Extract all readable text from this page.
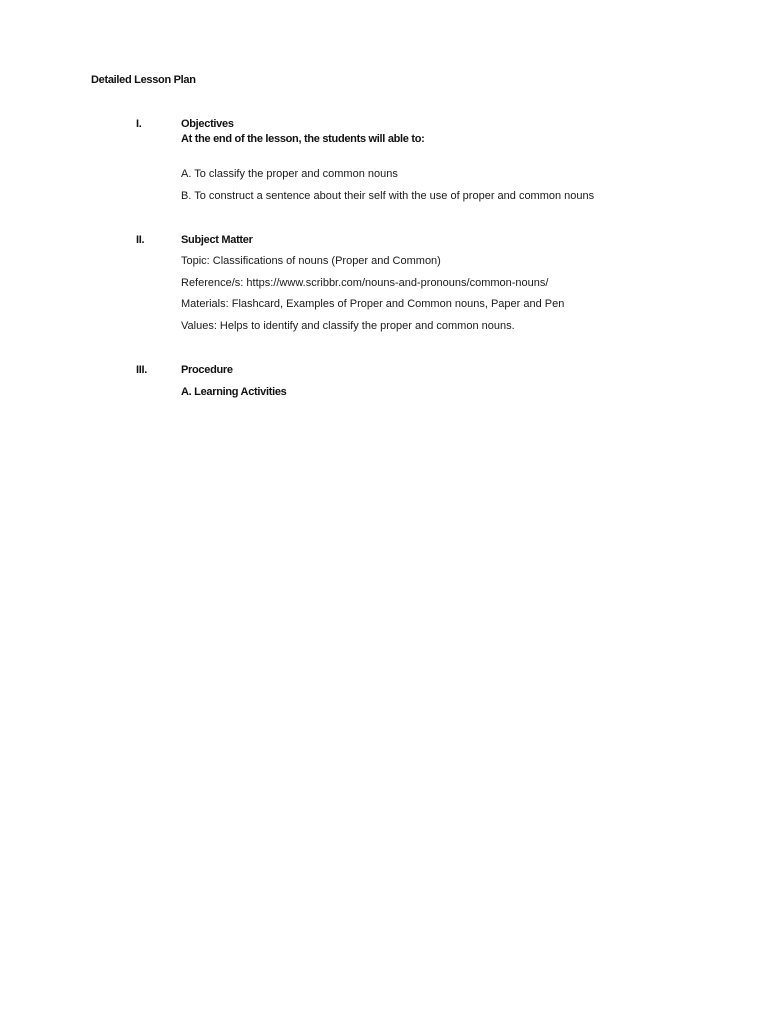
Detailed Lesson Plan
I.	Objectives
At the end of the lesson, the students will able to:
A. To classify the proper and common nouns
B. To construct a sentence about their self with the use of proper and common nouns
II.	Subject Matter
Topic: Classifications of nouns (Proper and Common)
Reference/s: https://www.scribbr.com/nouns-and-pronouns/common-nouns/
Materials: Flashcard, Examples of Proper and Common nouns, Paper and Pen
Values: Helps to identify and classify the proper and common nouns.
III.	Procedure
A. Learning Activities
